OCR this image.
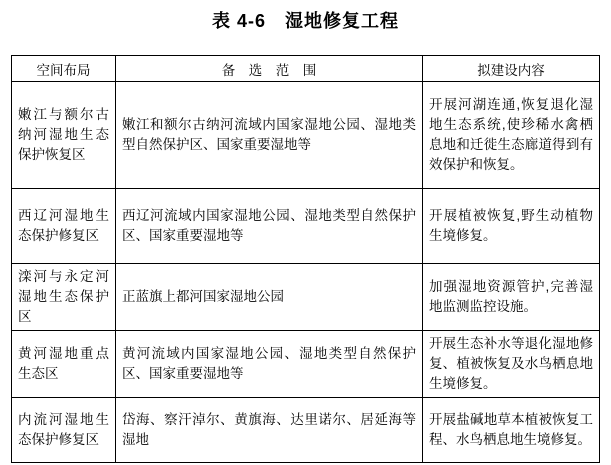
表 4-6　湿地修复工程
空间布局	备　选　范　围	拟建设内容
嫩江与额尔古纳河湿地生态保护恢复区	嫩江和额尔古纳河流域内国家湿地公园、湿地类型自然保护区、国家重要湿地等	开展河湖连通,恢复退化湿地生态系统,使珍稀水禽栖息地和迁徙生态廊道得到有效保护和恢复。
西辽河湿地生态保护修复区	西辽河流域内国家湿地公园、湿地类型自然保护区、国家重要湿地等	开展植被恢复,野生动植物生境修复。
滦河与永定河湿地生态保护区	正蓝旗上都河国家湿地公园	加强湿地资源管护,完善湿地监测监控设施。
黄河湿地重点生态区	黄河流域内国家湿地公园、湿地类型自然保护区、国家重要湿地等	开展生态补水等退化湿地修复、植被恢复及水鸟栖息地生境修复。
内流河湿地生态保护修复区	岱海、察汗淖尔、黄旗海、达里诺尔、居延海等湿地	开展盐碱地草本植被恢复工程、水鸟栖息地生境修复。
